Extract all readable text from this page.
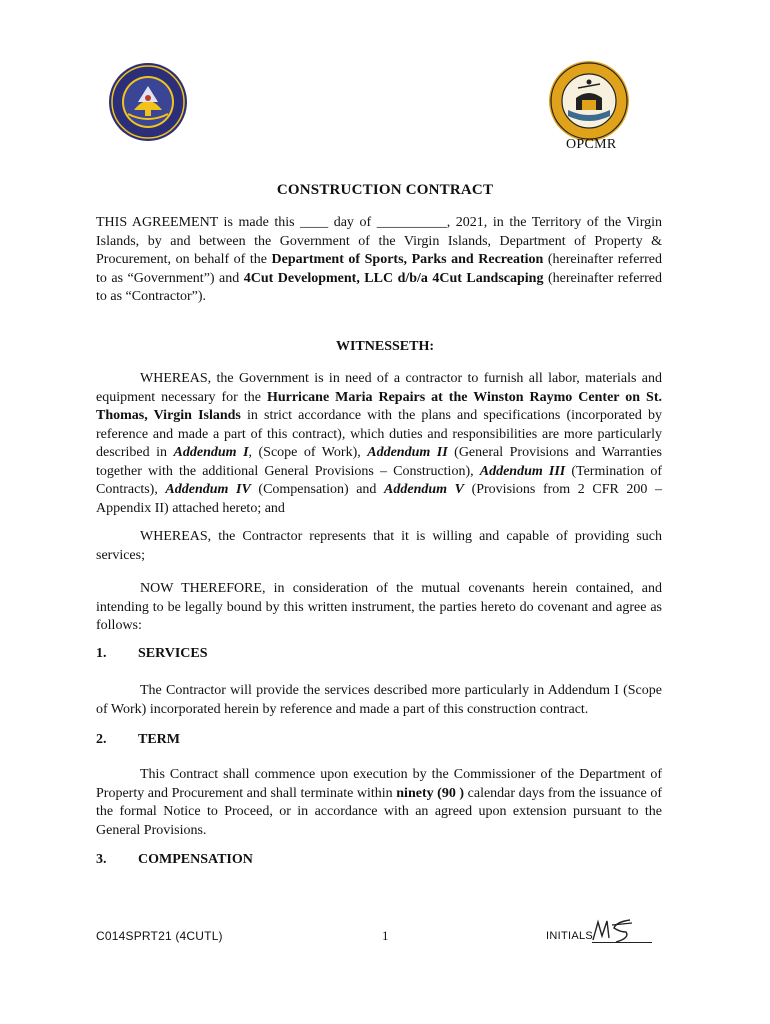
OPCMR
CONSTRUCTION CONTRACT

THIS AGREEMENT is made this ____ day of __________, 2021, in the Territory of the Virgin Islands, by and between the Government of the Virgin Islands, Department of Property & Procurement, on behalf of the Department of Sports, Parks and Recreation (hereinafter referred to as “Government”) and 4Cut Development, LLC d/b/a 4Cut Landscaping (hereinafter referred to as “Contractor”).

WITNESSETH:

WHEREAS, the Government is in need of a contractor to furnish all labor, materials and equipment necessary for the Hurricane Maria Repairs at the Winston Raymo Center on St. Thomas, Virgin Islands in strict accordance with the plans and specifications (incorporated by reference and made a part of this contract), which duties and responsibilities are more particularly described in Addendum I, (Scope of Work), Addendum II (General Provisions and Warranties together with the additional General Provisions – Construction), Addendum III (Termination of Contracts), Addendum IV (Compensation) and Addendum V (Provisions from 2 CFR 200 – Appendix II) attached hereto; and

WHEREAS, the Contractor represents that it is willing and capable of providing such services;

NOW THEREFORE, in consideration of the mutual covenants herein contained, and intending to be legally bound by this written instrument, the parties hereto do covenant and agree as follows:

1. SERVICES

The Contractor will provide the services described more particularly in Addendum I (Scope of Work) incorporated herein by reference and made a part of this construction contract.

2. TERM

This Contract shall commence upon execution by the Commissioner of the Department of Property and Procurement and shall terminate within ninety (90 ) calendar days from the issuance of the formal Notice to Proceed, or in accordance with an agreed upon extension pursuant to the General Provisions.

3. COMPENSATION
C014SPRT21 (4CUTL)	1	INITIALS
